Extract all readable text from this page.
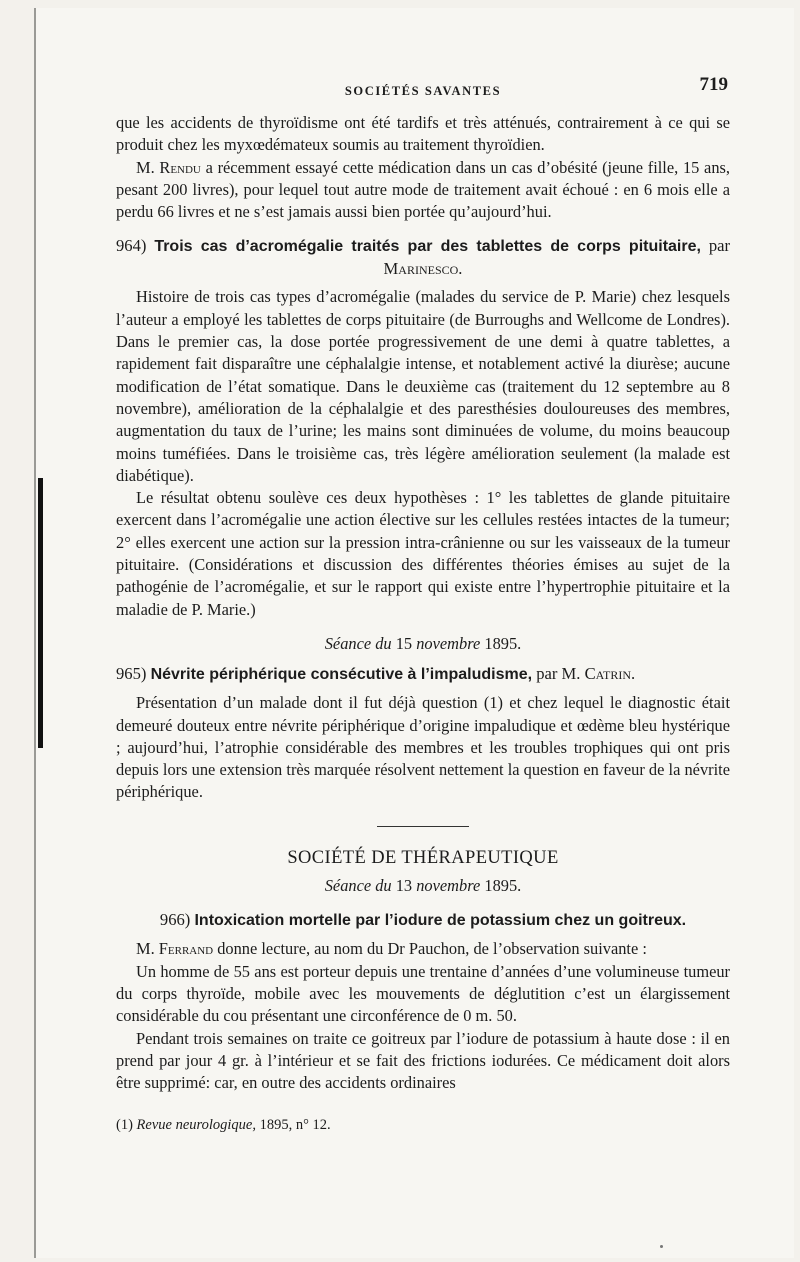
SOCIÉTÉS SAVANTES	719

que les accidents de thyroïdisme ont été tardifs et très atténués, contrairement à ce qui se produit chez les myxœdémateux soumis au traitement thyroïdien.

M. Rendu a récemment essayé cette médication dans un cas d’obésité (jeune fille, 15 ans, pesant 200 livres), pour lequel tout autre mode de traitement avait échoué : en 6 mois elle a perdu 66 livres et ne s’est jamais aussi bien portée qu’aujourd’hui.

964) Trois cas d’acromégalie traités par des tablettes de corps pituitaire, par Marinesco.

Histoire de trois cas types d’acromégalie (malades du service de P. Marie) chez lesquels l’auteur a employé les tablettes de corps pituitaire (de Burroughs and Wellcome de Londres). Dans le premier cas, la dose portée progressivement de une demi à quatre tablettes, a rapidement fait disparaître une céphalalgie intense, et notablement activé la diurèse; aucune modification de l’état somatique. Dans le deuxième cas (traitement du 12 septembre au 8 novembre), amélioration de la céphalalgie et des paresthésies douloureuses des membres, augmentation du taux de l’urine; les mains sont diminuées de volume, du moins beaucoup moins tuméfiées. Dans le troisième cas, très légère amélioration seulement (la malade est diabétique).

Le résultat obtenu soulève ces deux hypothèses : 1° les tablettes de glande pituitaire exercent dans l’acromégalie une action élective sur les cellules restées intactes de la tumeur; 2° elles exercent une action sur la pression intra-crânienne ou sur les vaisseaux de la tumeur pituitaire. (Considérations et discussion des différentes théories émises au sujet de la pathogénie de l’acromégalie, et sur le rapport qui existe entre l’hypertrophie pituitaire et la maladie de P. Marie.)

Séance du 15 novembre 1895.
965) Névrite périphérique consécutive à l’impaludisme, par M. Catrin.

Présentation d’un malade dont il fut déjà question (1) et chez lequel le diagnostic était demeuré douteux entre névrite périphérique d’origine impaludique et œdème bleu hystérique ; aujourd’hui, l’atrophie considérable des membres et les troubles trophiques qui ont pris depuis lors une extension très marquée résolvent nettement la question en faveur de la névrite périphérique.

SOCIÉTÉ DE THÉRAPEUTIQUE
Séance du 13 novembre 1895.
966) Intoxication mortelle par l’iodure de potassium chez un goitreux.

M. Ferrand donne lecture, au nom du Dr Pauchon, de l’observation suivante :

Un homme de 55 ans est porteur depuis une trentaine d’années d’une volumineuse tumeur du corps thyroïde, mobile avec les mouvements de déglutition c’est un élargissement considérable du cou présentant une circonférence de 0 m. 50.

Pendant trois semaines on traite ce goitreux par l’iodure de potassium à haute dose : il en prend par jour 4 gr. à l’intérieur et se fait des frictions iodurées. Ce médicament doit alors être supprimé: car, en outre des accidents ordinaires

(1) Revue neurologique, 1895, n° 12.
